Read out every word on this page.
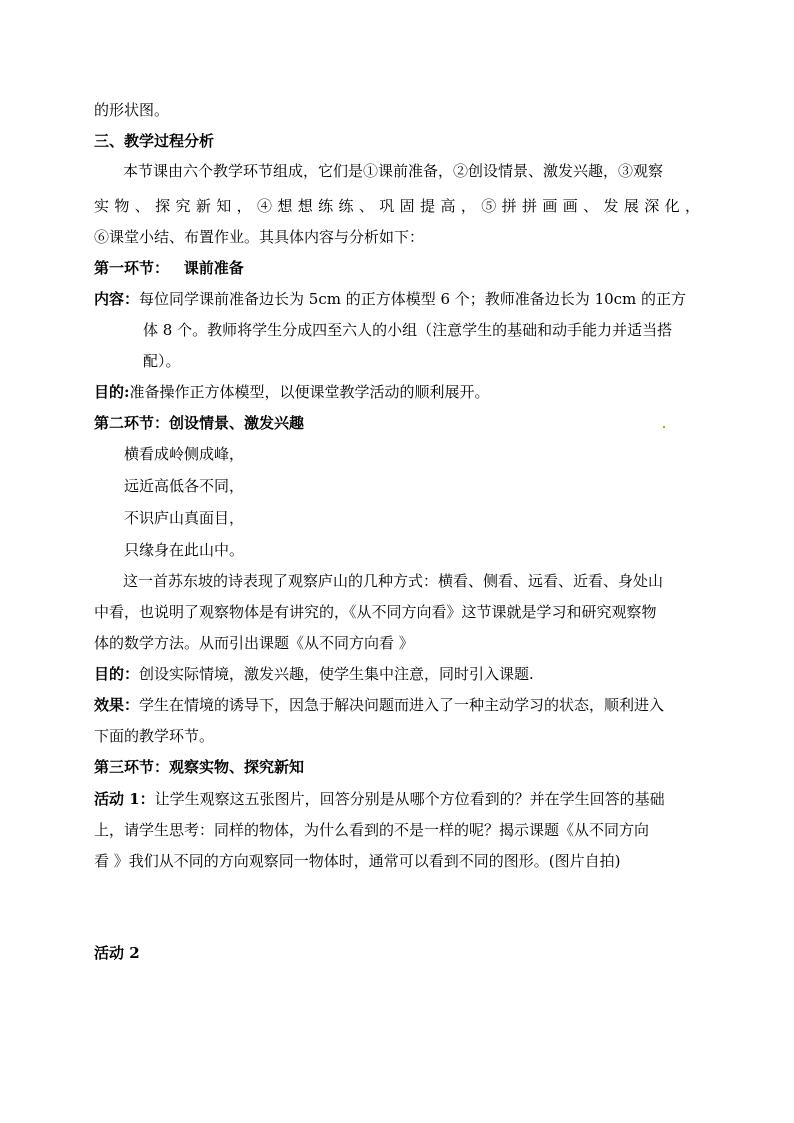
的形状图。
三、教学过程分析
本节课由六个教学环节组成，它们是①课前准备，②创设情景、激发兴趣，③观察
实物、探究新知，④想想练练、巩固提高，⑤拼拼画画、发展深化，
⑥课堂小结、布置作业。其具体内容与分析如下：
第一环节： 课前准备
内容：每位同学课前准备边长为 5cm 的正方体模型 6 个；教师准备边长为 10cm 的正方
体 8 个。教师将学生分成四至六人的小组（注意学生的基础和动手能力并适当搭
配）。
目的:准备操作正方体模型，以便课堂教学活动的顺利展开。
第二环节：创设情景、激发兴趣
横看成岭侧成峰，
远近高低各不同，
不识庐山真面目，
只缘身在此山中。
这一首苏东坡的诗表现了观察庐山的几种方式：横看、侧看、远看、近看、身处山
中看，也说明了观察物体是有讲究的，《从不同方向看》这节课就是学习和研究观察物
体的数学方法。从而引出课题《从不同方向看 》
目的：创设实际情境，激发兴趣，使学生集中注意，同时引入课题.
效果：学生在情境的诱导下，因急于解决问题而进入了一种主动学习的状态，顺利进入
下面的教学环节。
第三环节：观察实物、探究新知
活动 1：让学生观察这五张图片，回答分别是从哪个方位看到的？并在学生回答的基础
上，请学生思考：同样的物体，为什么看到的不是一样的呢？揭示课题《从不同方向
看 》我们从不同的方向观察同一物体时，通常可以看到不同的图形。(图片自拍)
活动 2
